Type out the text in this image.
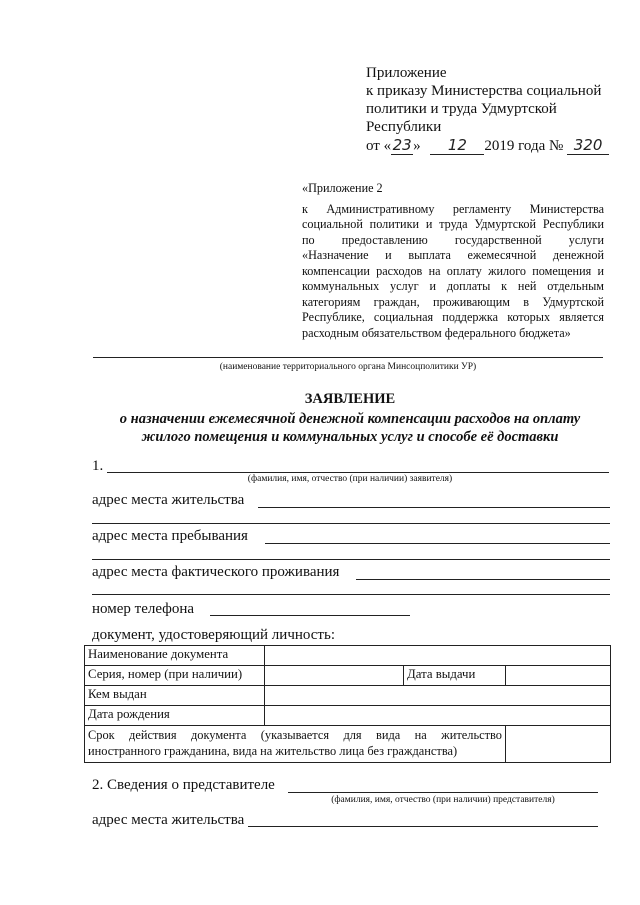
Приложение
к приказу Министерства социальной
политики и труда Удмуртской
Республики
от «23» 12 2019 года № 320
«Приложение 2
к Административному регламенту Министерства
социальной политики и труда Удмуртской Республики
по предоставлению государственной услуги
«Назначение и выплата ежемесячной денежной
компенсации расходов на оплату жилого помещения и
коммунальных услуг и доплаты к ней отдельным
категориям граждан, проживающим в Удмуртской
Республике, социальная поддержка которых является
расходным обязательством федерального бюджета»
(наименование территориального органа Минсоцполитики УР)
ЗАЯВЛЕНИЕ
о назначении ежемесячной денежной компенсации расходов на оплату
жилого помещения и коммунальных услуг и способе её доставки
1.
(фамилия, имя, отчество (при наличии) заявителя)
адрес места жительства
адрес места пребывания
адрес места фактического проживания
номер телефона
документ, удостоверяющий личность:
Наименование документа			
Серия, номер (при наличии)		Дата выдачи	
Кем выдан			
Дата рождения			

Срок действия документа (указывается для вида на жительство
иностранного гражданина, вида на жительство лица без гражданства)			

2. Сведения о представителе
(фамилия, имя, отчество (при наличии) представителя)
адрес места жительства
